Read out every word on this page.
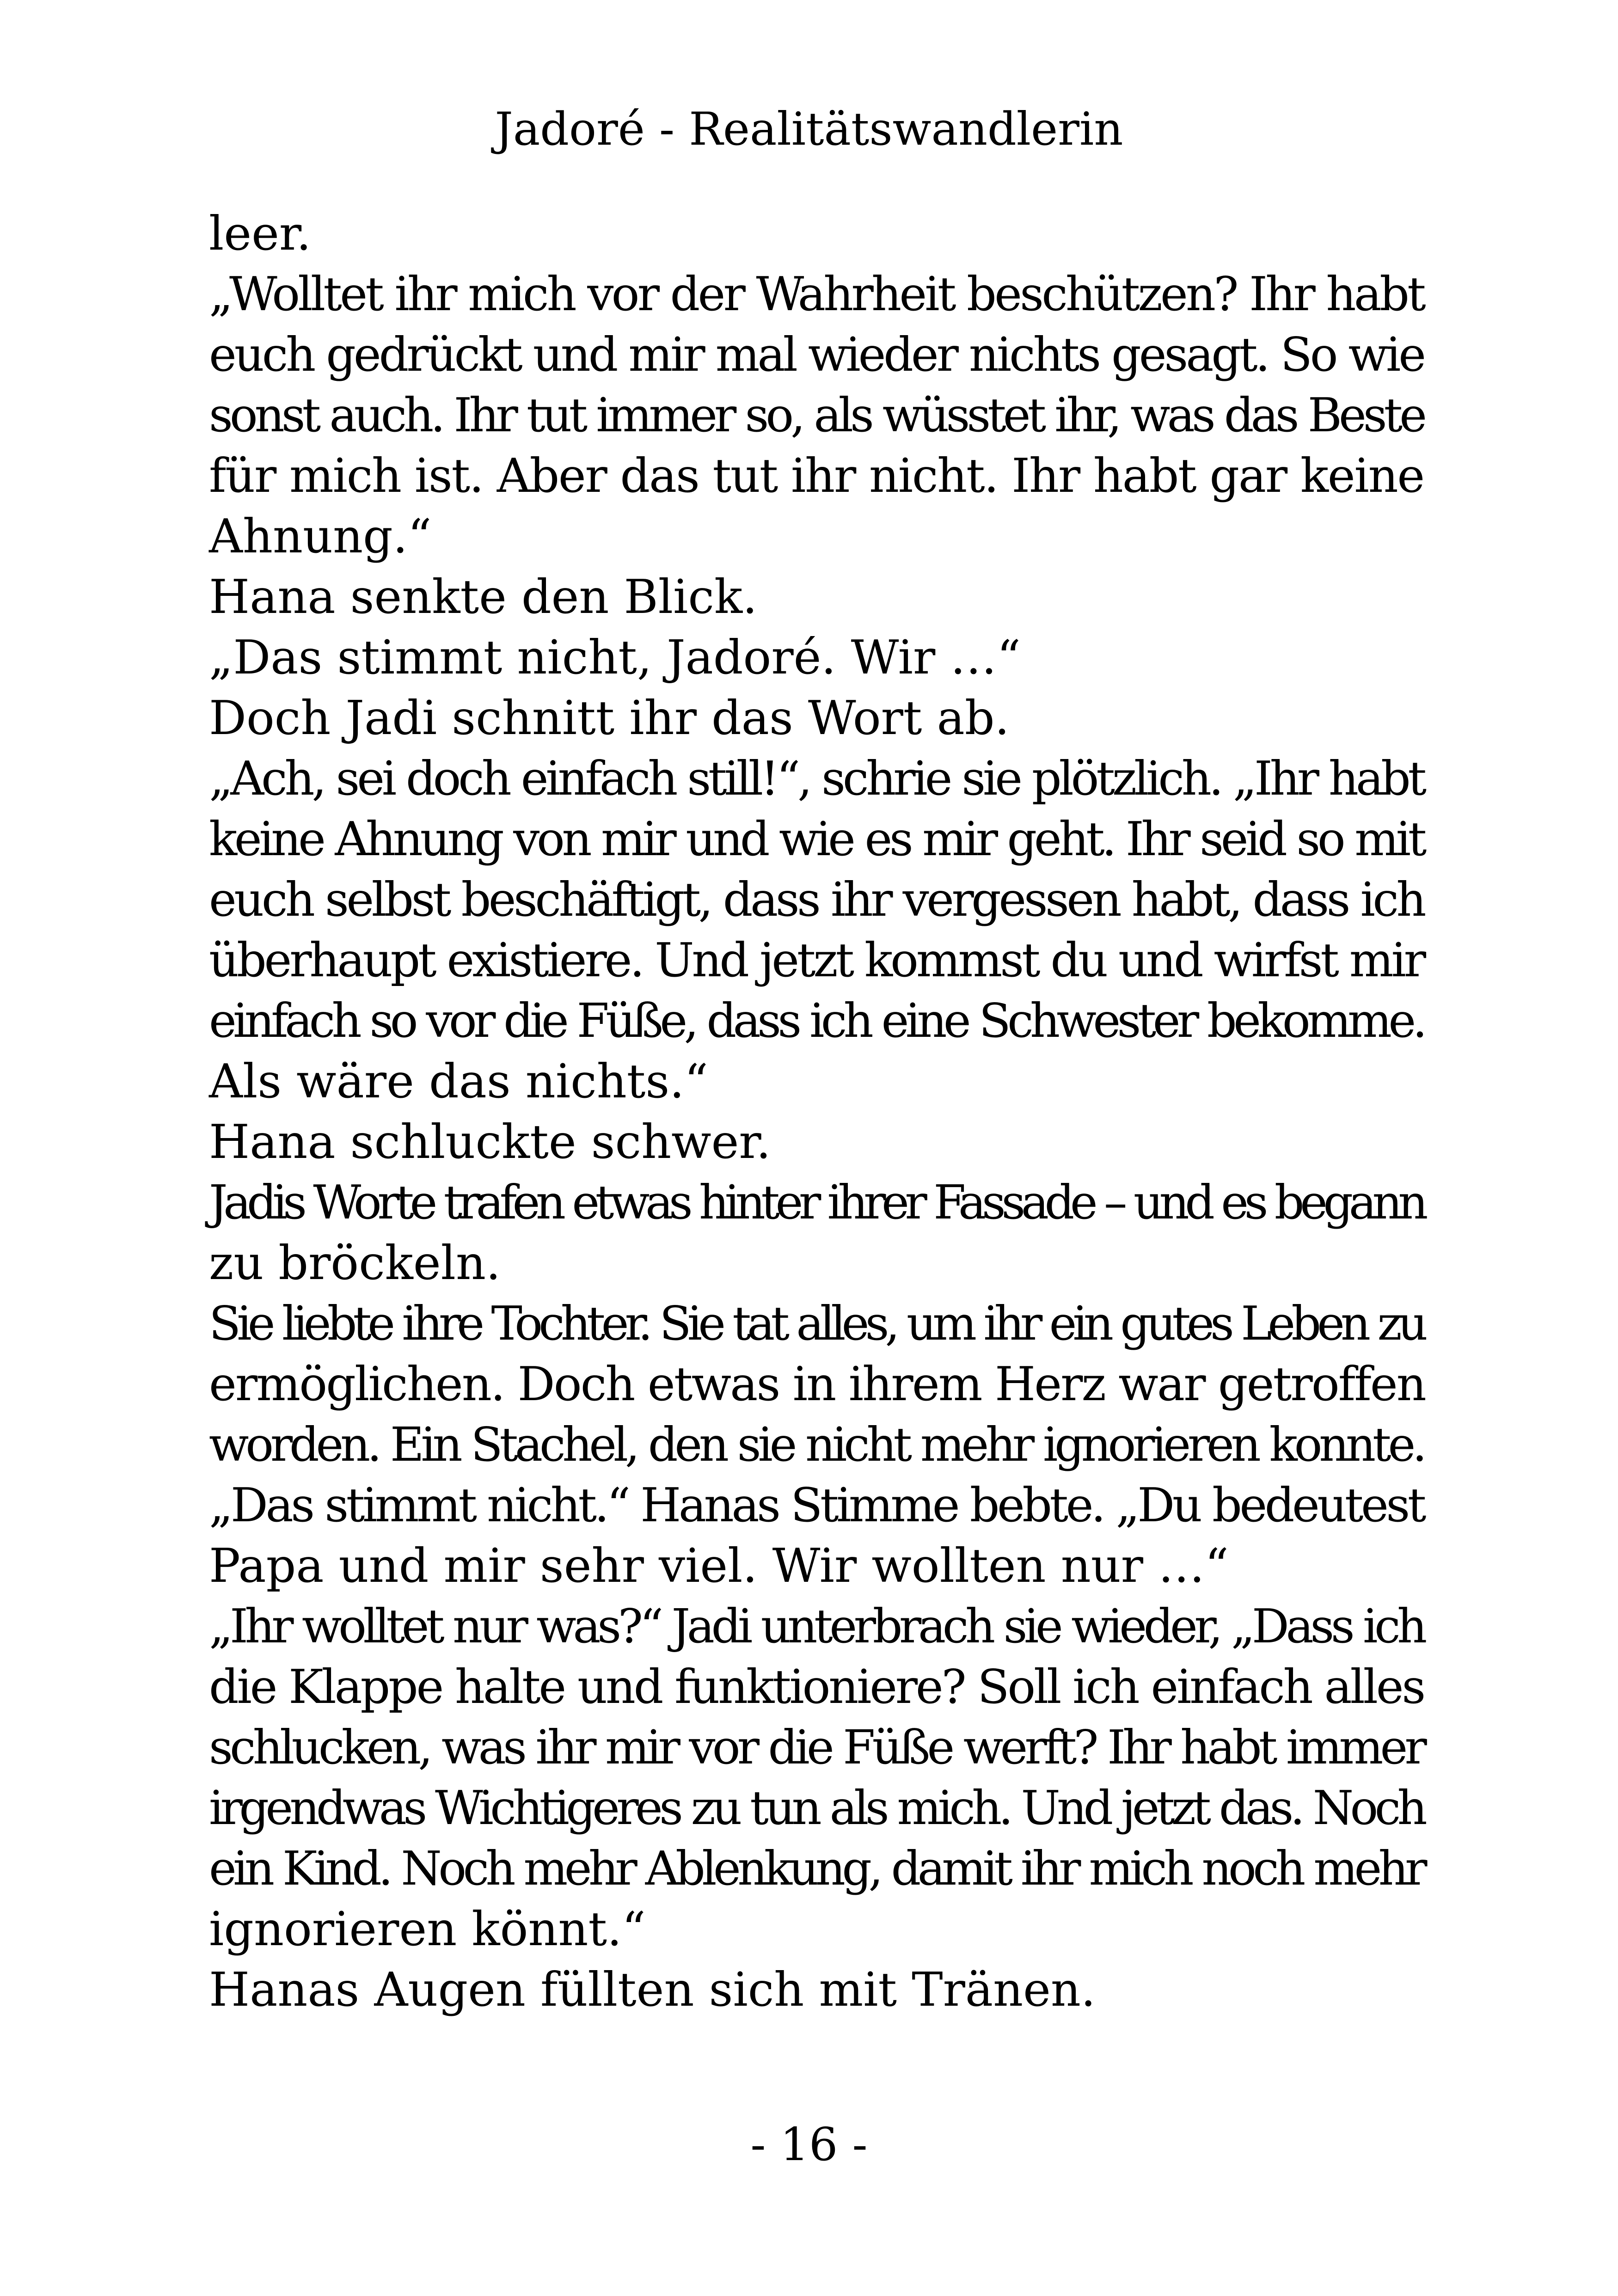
Jadoré - Realitätswandlerin
leer.
„Wolltet ihr mich vor der Wahrheit beschützen? Ihr habt
euch gedrückt und mir mal wieder nichts gesagt. So wie
sonst auch. Ihr tut immer so, als wüsstet ihr, was das Beste
für mich ist. Aber das tut ihr nicht. Ihr habt gar keine
Ahnung.“
Hana senkte den Blick.
„Das stimmt nicht, Jadoré. Wir …“
Doch Jadi schnitt ihr das Wort ab.
„Ach, sei doch einfach still!“, schrie sie plötzlich. „Ihr habt
keine Ahnung von mir und wie es mir geht. Ihr seid so mit
euch selbst beschäftigt, dass ihr vergessen habt, dass ich
überhaupt existiere. Und jetzt kommst du und wirfst mir
einfach so vor die Füße, dass ich eine Schwester bekomme.
Als wäre das nichts.“
Hana schluckte schwer.
Jadis Worte trafen etwas hinter ihrer Fassade – und es begann
zu bröckeln.
Sie liebte ihre Tochter. Sie tat alles, um ihr ein gutes Leben zu
ermöglichen. Doch etwas in ihrem Herz war getroffen
worden. Ein Stachel, den sie nicht mehr ignorieren konnte.
„Das stimmt nicht.“ Hanas Stimme bebte. „Du bedeutest
Papa und mir sehr viel. Wir wollten nur …“
„Ihr wolltet nur was?“ Jadi unterbrach sie wieder, „Dass ich
die Klappe halte und funktioniere? Soll ich einfach alles
schlucken, was ihr mir vor die Füße werft? Ihr habt immer
irgendwas Wichtigeres zu tun als mich. Und jetzt das. Noch
ein Kind. Noch mehr Ablenkung, damit ihr mich noch mehr
ignorieren könnt.“
Hanas Augen füllten sich mit Tränen.
- 16 -
